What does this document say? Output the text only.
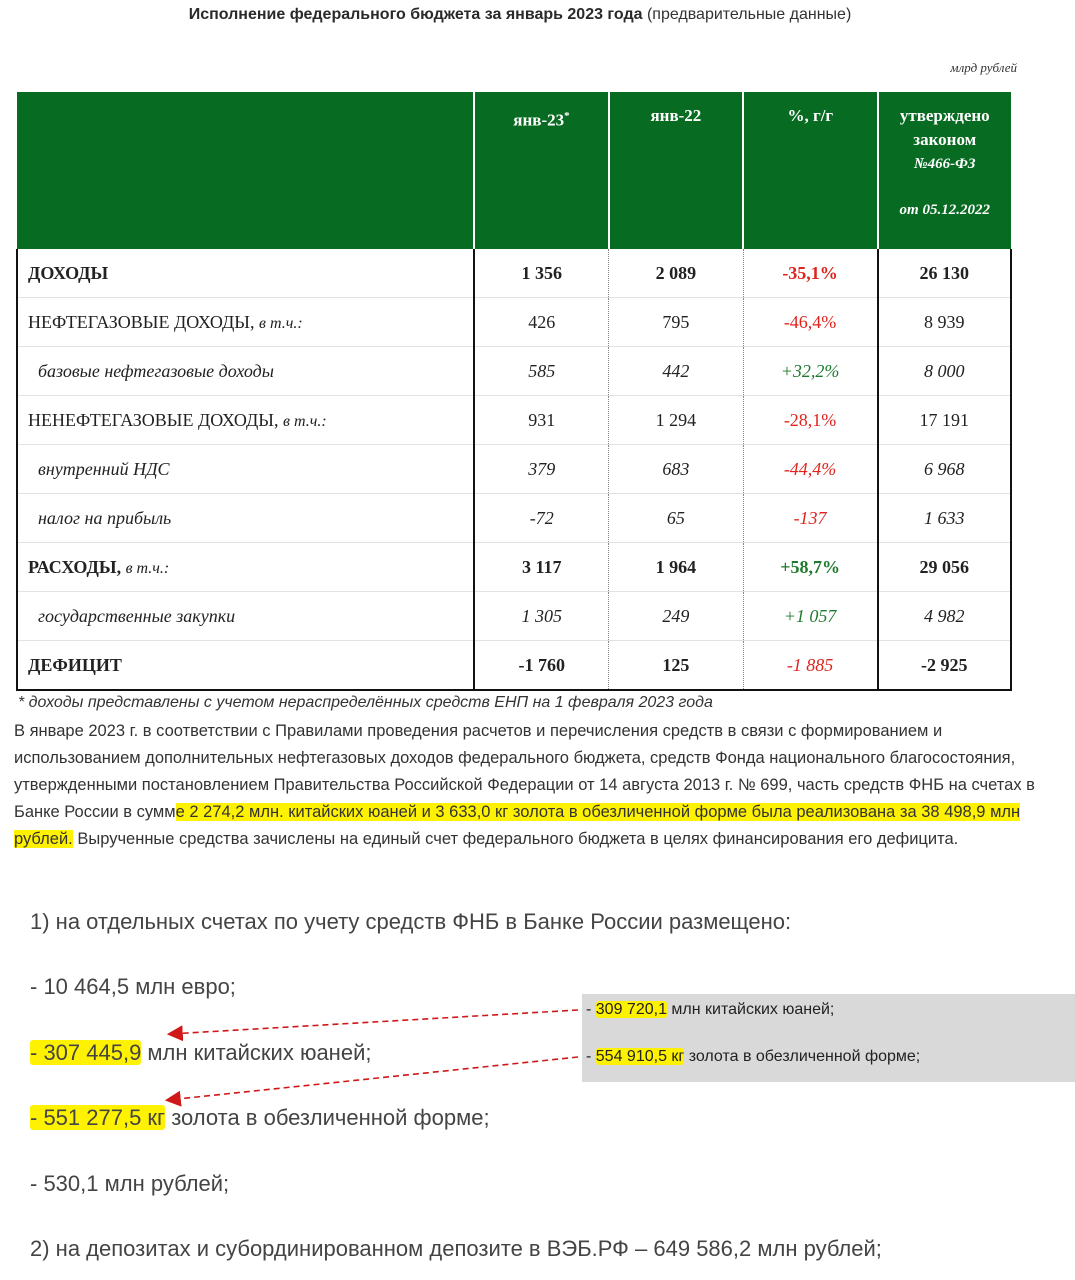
Исполнение федерального бюджета за январь 2023 года (предварительные данные)
млрд рублей
	янв-23*	янв-22	%, г/г	утверждено
законом
№466-ФЗ
от 05.12.2022

ДОХОДЫ	1 356	2 089	-35,1%	26 130
НЕФТЕГАЗОВЫЕ ДОХОДЫ, в т.ч.:	426	795	-46,4%	8 939
базовые нефтегазовые доходы	585	442	+32,2%	8 000
НЕНЕФТЕГАЗОВЫЕ ДОХОДЫ, в т.ч.:	931	1 294	-28,1%	17 191
внутренний НДС	379	683	-44,4%	6 968
налог на прибыль	-72	65	-137	1 633
РАСХОДЫ, в т.ч.:	3 117	1 964	+58,7%	29 056
государственные закупки	1 305	249	+1 057	4 982
ДЕФИЦИТ	-1 760	125	-1 885	-2 925
* доходы представлены с учетом нераспределённых средств ЕНП на 1 февраля 2023 года
В январе 2023 г. в соответствии с Правилами проведения расчетов и перечисления средств в связи с формированием и использованием дополнительных нефтегазовых доходов федерального бюджета, средств Фонда национального благосостояния, утвержденными постановлением Правительства Российской Федерации от 14 августа 2013 г. № 699, часть средств ФНБ на счетах в Банке России в сумме 2 274,2 млн. китайских юаней и 3 633,0 кг золота в обезличенной форме была реализована за 38 498,9 млн рублей. Вырученные средства зачислены на единый счет федерального бюджета в целях финансирования его дефицита.
1) на отдельных счетах по учету средств ФНБ в Банке России размещено:
- 10 464,5 млн евро;
- 307 445,9 млн китайских юаней;
- 551 277,5 кг золота в обезличенной форме;
- 530,1 млн рублей;
2) на депозитах и субординированном депозите в ВЭБ.РФ – 649 586,2 млн рублей;
- 309 720,1 млн китайских юаней;
- 554 910,5 кг золота в обезличенной форме;
